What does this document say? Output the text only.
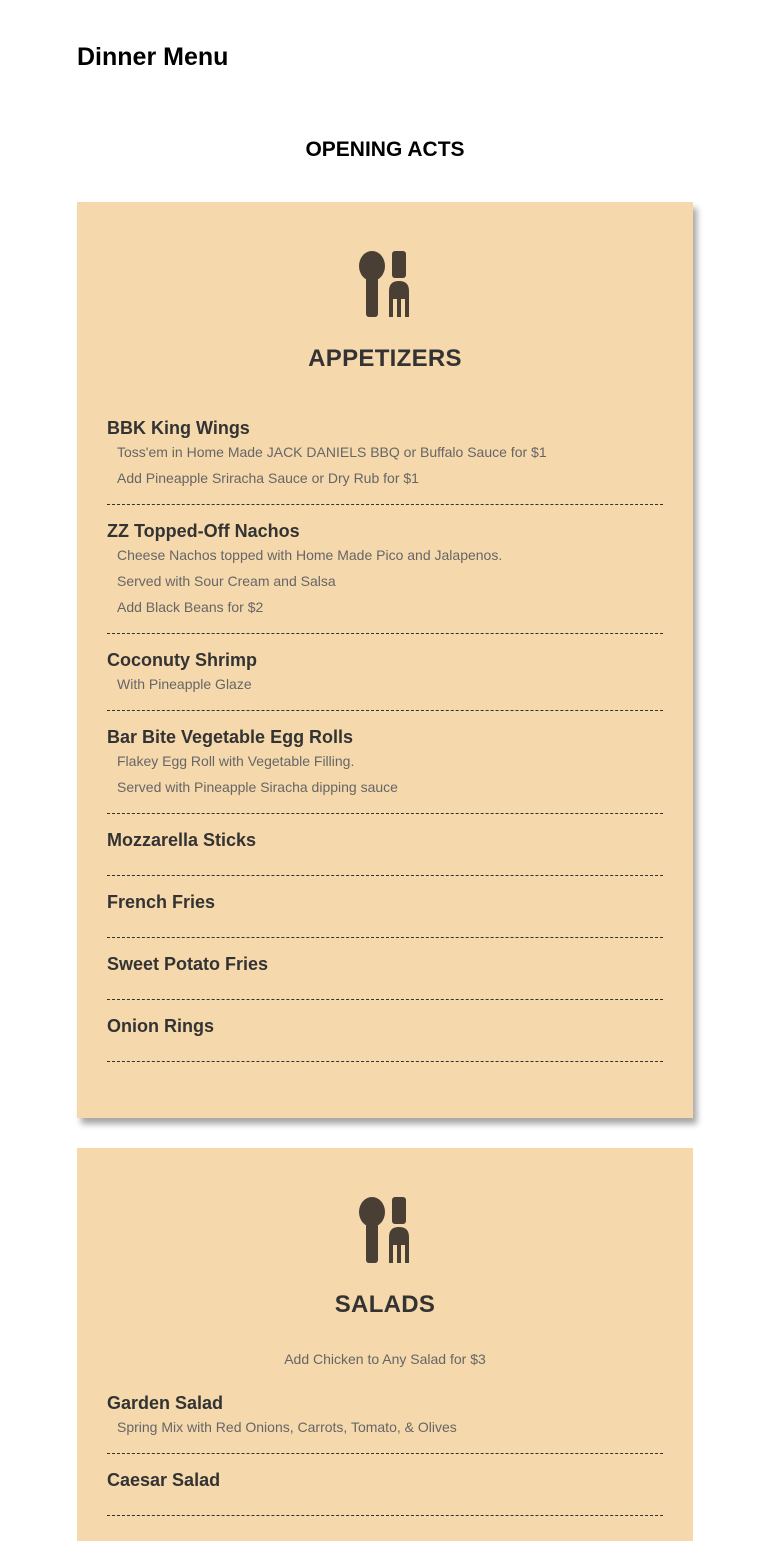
Dinner Menu
OPENING ACTS
APPETIZERS

BBK King Wings

Toss'em in Home Made JACK DANIELS BBQ or Buffalo Sauce for $1

Add Pineapple Sriracha Sauce or Dry Rub for $1

ZZ Topped-Off Nachos

Cheese Nachos topped with Home Made Pico and Jalapenos.

Served with Sour Cream and Salsa

Add Black Beans for $2

Coconuty Shrimp

With Pineapple Glaze

Bar Bite Vegetable Egg Rolls

Flakey Egg Roll with Vegetable Filling.

Served with Pineapple Siracha dipping sauce

Mozzarella Sticks

French Fries

Sweet Potato Fries

Onion Rings

SALADS

Add Chicken to Any Salad for $3

Garden Salad

Spring Mix with Red Onions, Carrots, Tomato, & Olives

Caesar Salad
